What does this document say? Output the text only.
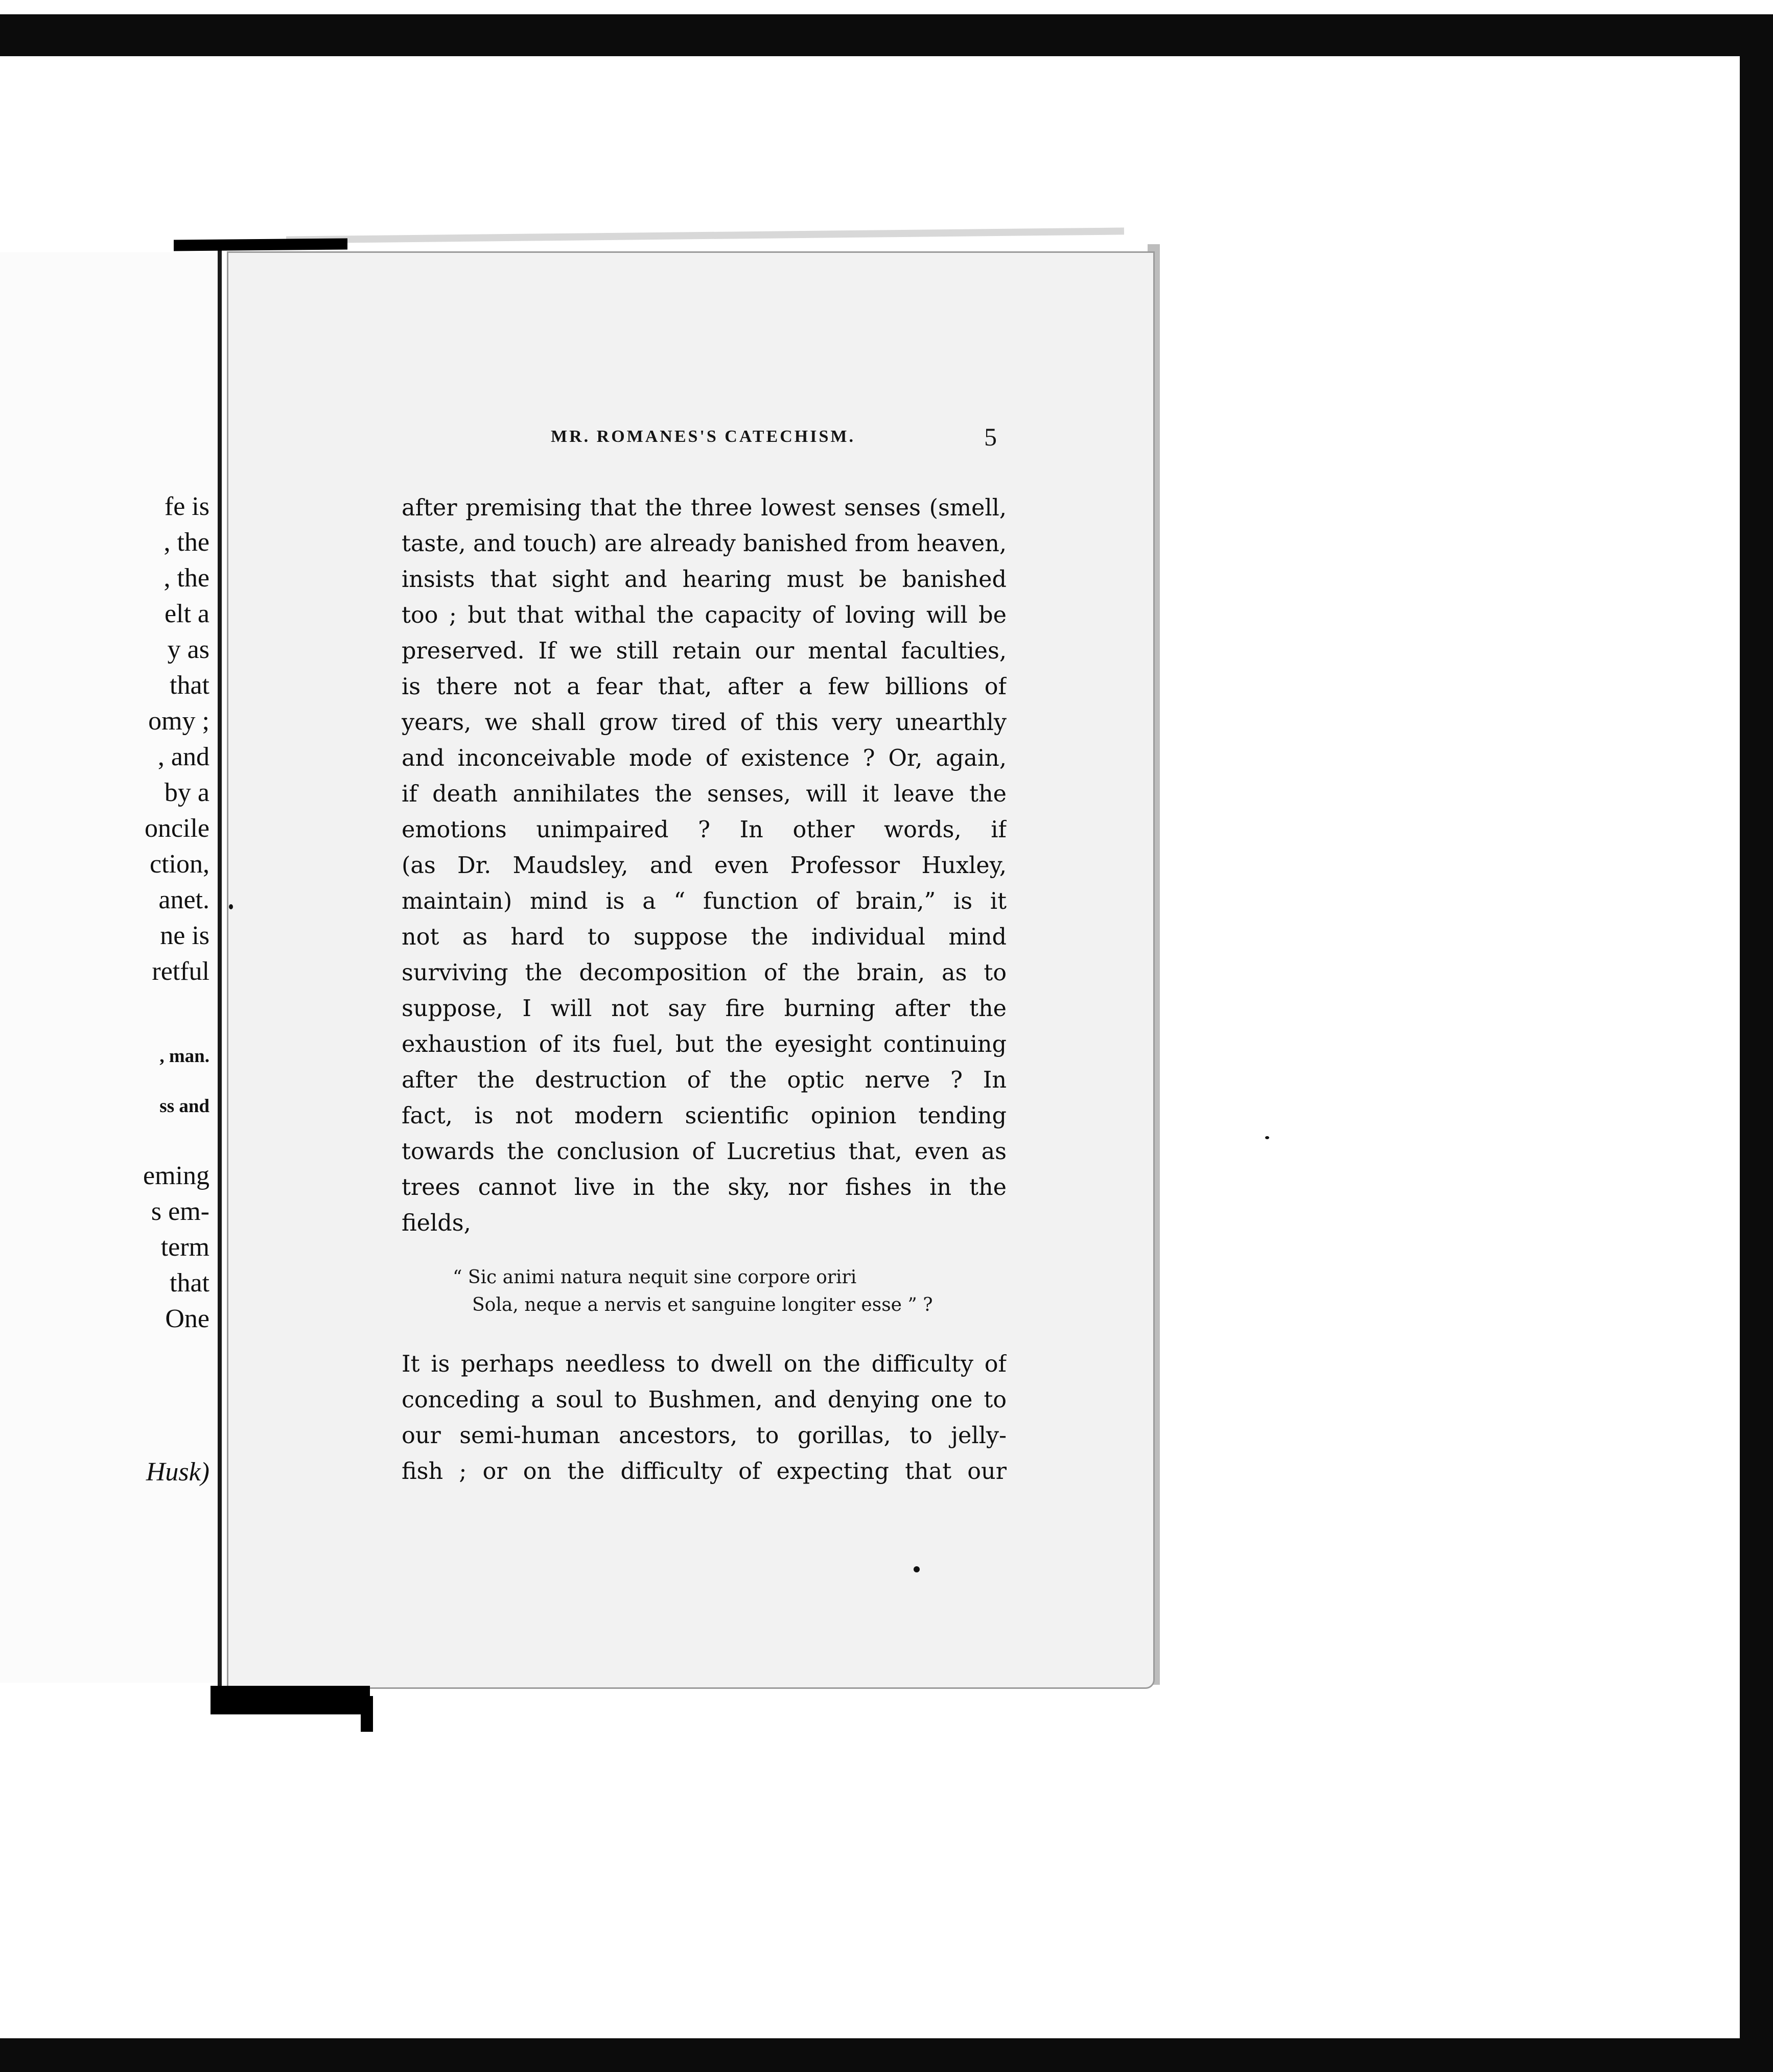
fe is
, the
, the
elt a
y as
that
omy ;
, and
by a
oncile
ction,
anet.
ne is
retful
, man.
ss and
eming
s em-
term
that
One
Husk)
MR. ROMANES'S CATECHISM.	5
after premising that the three lowest senses (smell,
taste, and touch) are already banished from heaven,
insists that sight and hearing must be banished
too ; but that withal the capacity of loving will be
preserved. If we still retain our mental faculties,
is there not a fear that, after a few billions of
years, we shall grow tired of this very unearthly
and inconceivable mode of existence ? Or, again,
if death annihilates the senses, will it leave the
emotions unimpaired ? In other words, if
(as Dr. Maudsley, and even Professor Huxley,
maintain) mind is a “ function of brain,” is it
not as hard to suppose the individual mind
surviving the decomposition of the brain, as to
suppose, I will not say fire burning after the
exhaustion of its fuel, but the eyesight continuing
after the destruction of the optic nerve ? In
fact, is not modern scientific opinion tending
towards the conclusion of Lucretius that, even as
trees cannot live in the sky, nor fishes in the
fields,
“ Sic animi natura nequit sine corpore oriri
Sola, neque a nervis et sanguine longiter esse ” ?
It is perhaps needless to dwell on the difficulty of
conceding a soul to Bushmen, and denying one to
our semi-human ancestors, to gorillas, to jelly-
fish ; or on the difficulty of expecting that our
